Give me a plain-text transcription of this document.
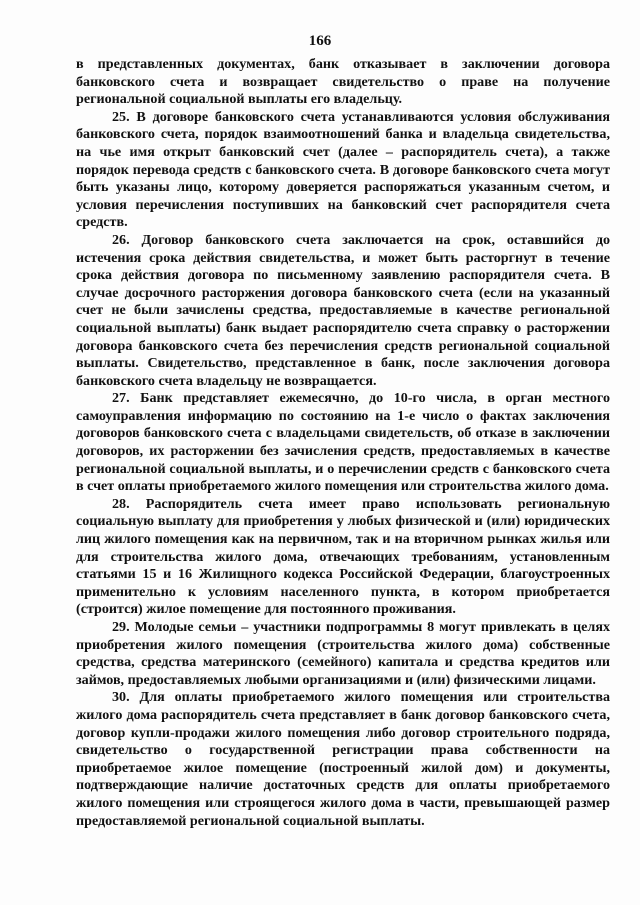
166

в представленных документах, банк отказывает в заключении договора банковского счета и возвращает свидетельство о праве на получение региональной социальной выплаты его владельцу.

25. В договоре банковского счета устанавливаются условия обслуживания банковского счета, порядок взаимоотношений банка и владельца свидетельства, на чье имя открыт банковский счет (далее – распорядитель счета), а также порядок перевода средств с банковского счета. В договоре банковского счета могут быть указаны лицо, которому доверяется распоряжаться указанным счетом, и условия перечисления поступивших на банковский счет распорядителя счета средств.

26. Договор банковского счета заключается на срок, оставшийся до истечения срока действия свидетельства, и может быть расторгнут в течение срока действия договора по письменному заявлению распорядителя счета. В случае досрочного расторжения договора банковского счета (если на указанный счет не были зачислены средства, предоставляемые в качестве региональной социальной выплаты) банк выдает распорядителю счета справку о расторжении договора банковского счета без перечисления средств региональной социальной выплаты. Свидетельство, представленное в банк, после заключения договора банковского счета владельцу не возвращается.

27. Банк представляет ежемесячно, до 10-го числа, в орган местного самоуправления информацию по состоянию на 1-е число о фактах заключения договоров банковского счета с владельцами свидетельств, об отказе в заключении договоров, их расторжении без зачисления средств, предоставляемых в качестве региональной социальной выплаты, и о перечислении средств с банковского счета в счет оплаты приобретаемого жилого помещения или строительства жилого дома.

28. Распорядитель счета имеет право использовать региональную социальную выплату для приобретения у любых физической и (или) юридических лиц жилого помещения как на первичном, так и на вторичном рынках жилья или для строительства жилого дома, отвечающих требованиям, установленным статьями 15 и 16 Жилищного кодекса Российской Федерации, благоустроенных применительно к условиям населенного пункта, в котором приобретается (строится) жилое помещение для постоянного проживания.

29. Молодые семьи – участники подпрограммы 8 могут привлекать в целях приобретения жилого помещения (строительства жилого дома) собственные средства, средства материнского (семейного) капитала и средства кредитов или займов, предоставляемых любыми организациями и (или) физическими лицами.

30. Для оплаты приобретаемого жилого помещения или строительства жилого дома распорядитель счета представляет в банк договор банковского счета, договор купли-продажи жилого помещения либо договор строительного подряда, свидетельство о государственной регистрации права собственности на приобретаемое жилое помещение (построенный жилой дом) и документы, подтверждающие наличие достаточных средств для оплаты приобретаемого жилого помещения или строящегося жилого дома в части, превышающей размер предоставляемой региональной социальной выплаты.
